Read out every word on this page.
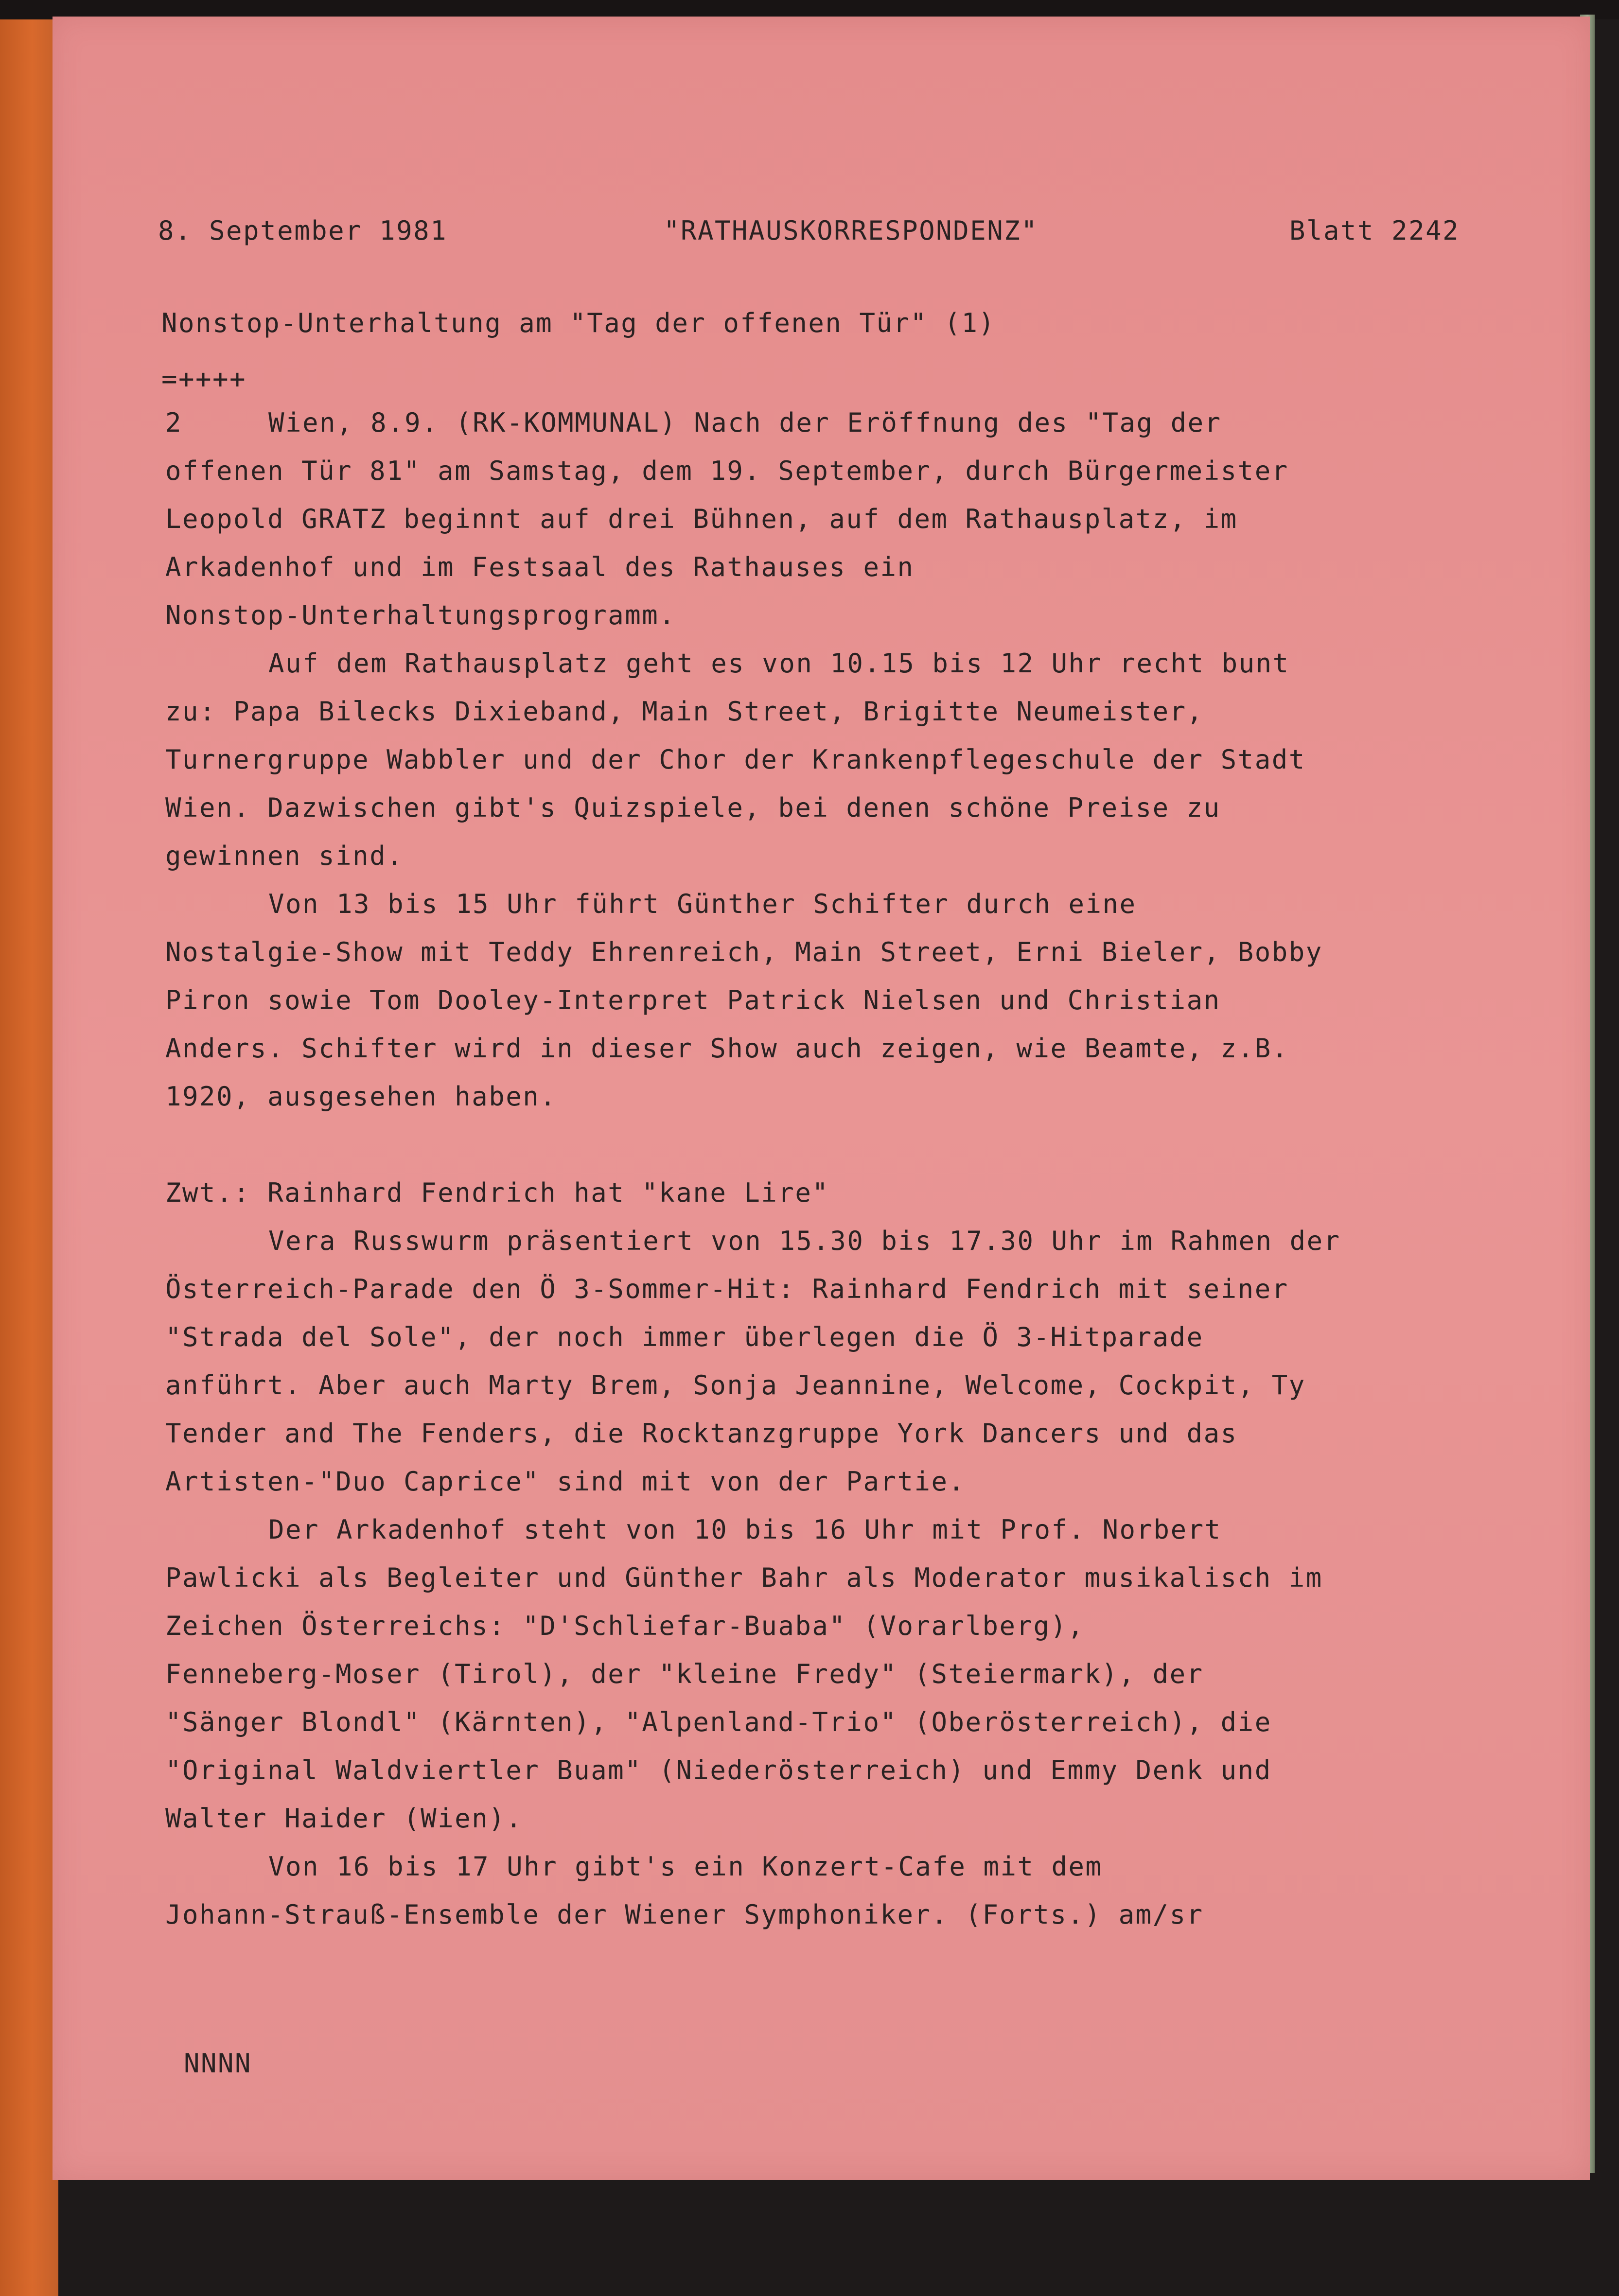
8. September 1981	"RATHAUSKORRESPONDENZ"	Blatt 2242
Nonstop-Unterhaltung am "Tag der offenen Tür" (1)
=++++
2	Wien, 8.9. (RK-KOMMUNAL) Nach der Eröffnung des "Tag der
offenen Tür 81" am Samstag, dem 19. September, durch Bürgermeister
Leopold GRATZ beginnt auf drei Bühnen, auf dem Rathausplatz, im
Arkadenhof und im Festsaal des Rathauses ein
Nonstop-Unterhaltungsprogramm.
Auf dem Rathausplatz geht es von 10.15 bis 12 Uhr recht bunt
zu: Papa Bilecks Dixieband, Main Street, Brigitte Neumeister,
Turnergruppe Wabbler und der Chor der Krankenpflegeschule der Stadt
Wien. Dazwischen gibt's Quizspiele, bei denen schöne Preise zu
gewinnen sind.
Von 13 bis 15 Uhr führt Günther Schifter durch eine
Nostalgie-Show mit Teddy Ehrenreich, Main Street, Erni Bieler, Bobby
Piron sowie Tom Dooley-Interpret Patrick Nielsen und Christian
Anders. Schifter wird in dieser Show auch zeigen, wie Beamte, z.B.
1920, ausgesehen haben.
Zwt.: Rainhard Fendrich hat "kane Lire"
Vera Russwurm präsentiert von 15.30 bis 17.30 Uhr im Rahmen der
Österreich-Parade den Ö 3-Sommer-Hit: Rainhard Fendrich mit seiner
"Strada del Sole", der noch immer überlegen die Ö 3-Hitparade
anführt. Aber auch Marty Brem, Sonja Jeannine, Welcome, Cockpit, Ty
Tender and The Fenders, die Rocktanzgruppe York Dancers und das
Artisten-"Duo Caprice" sind mit von der Partie.
Der Arkadenhof steht von 10 bis 16 Uhr mit Prof. Norbert
Pawlicki als Begleiter und Günther Bahr als Moderator musikalisch im
Zeichen Österreichs: "D'Schliefar-Buaba" (Vorarlberg),
Fenneberg-Moser (Tirol), der "kleine Fredy" (Steiermark), der
"Sänger Blondl" (Kärnten), "Alpenland-Trio" (Oberösterreich), die
"Original Waldviertler Buam" (Niederösterreich) und Emmy Denk und
Walter Haider (Wien).
Von 16 bis 17 Uhr gibt's ein Konzert-Cafe mit dem
Johann-Strauß-Ensemble der Wiener Symphoniker. (Forts.) am/sr
NNNN
